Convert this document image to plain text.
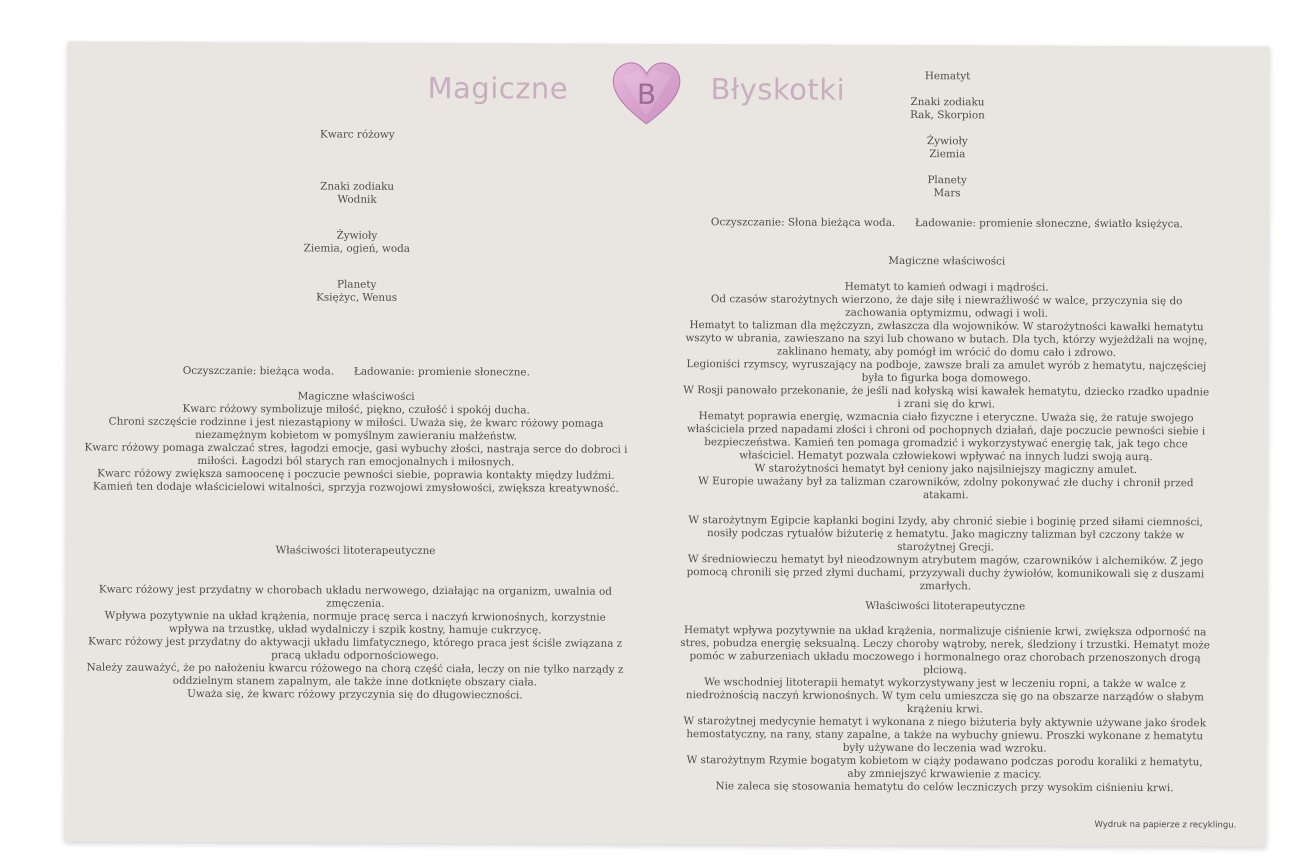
Magiczne B Błyskotki

Kwarc różowy

Znaki zodiaku

Wodnik

Żywioły

Ziemia, ogień, woda

Planety

Księżyc, Wenus

Oczyszczanie: bieżąca woda. Ładowanie: promienie słoneczne.

Magiczne właściwości

Kwarc różowy symbolizuje miłość, piękno, czułość i spokój ducha.

Chroni szczęście rodzinne i jest niezastąpiony w miłości. Uważa się, że kwarc różowy pomaga

niezamężnym kobietom w pomyślnym zawieraniu małżeństw.

Kwarc różowy pomaga zwalczać stres, łagodzi emocje, gasi wybuchy złości, nastraja serce do dobroci i

miłości. Łagodzi ból starych ran emocjonalnych i miłosnych.

Kwarc różowy zwiększa samoocenę i poczucie pewności siebie, poprawia kontakty między ludźmi.

Kamień ten dodaje właścicielowi witalności, sprzyja rozwojowi zmysłowości, zwiększa kreatywność.

Właściwości litoterapeutyczne

Kwarc różowy jest przydatny w chorobach układu nerwowego, działając na organizm, uwalnia od

zmęczenia.

Wpływa pozytywnie na układ krążenia, normuje pracę serca i naczyń krwionośnych, korzystnie

wpływa na trzustkę, układ wydalniczy i szpik kostny, hamuje cukrzycę.

Kwarc różowy jest przydatny do aktywacji układu limfatycznego, którego praca jest ściśle związana z

pracą układu odpornościowego.

Należy zauważyć, że po nałożeniu kwarcu różowego na chorą część ciała, leczy on nie tylko narządy z

oddzielnym stanem zapalnym, ale także inne dotknięte obszary ciała.

Uważa się, że kwarc różowy przyczynia się do długowieczności.

Hematyt

Znaki zodiaku

Rak, Skorpion

Żywioły

Ziemia

Planety

Mars

Oczyszczanie: Słona bieżąca woda. Ładowanie: promienie słoneczne, światło księżyca.

Magiczne właściwości

Hematyt to kamień odwagi i mądrości.

Od czasów starożytnych wierzono, że daje siłę i niewrażliwość w walce, przyczynia się do

zachowania optymizmu, odwagi i woli.

Hematyt to talizman dla mężczyzn, zwłaszcza dla wojowników. W starożytności kawałki hematytu

wszyto w ubrania, zawieszano na szyi lub chowano w butach. Dla tych, którzy wyjeżdżali na wojnę,

zaklinano hematy, aby pomógł im wrócić do domu cało i zdrowo.

Legioniści rzymscy, wyruszający na podboje, zawsze brali za amulet wyrób z hematytu, najczęściej

była to figurka boga domowego.

W Rosji panowało przekonanie, że jeśli nad kołyską wisi kawałek hematytu, dziecko rzadko upadnie

i zrani się do krwi.

Hematyt poprawia energię, wzmacnia ciało fizyczne i eteryczne. Uważa się, że ratuje swojego

właściciela przed napadami złości i chroni od pochopnych działań, daje poczucie pewności siebie i

bezpieczeństwa. Kamień ten pomaga gromadzić i wykorzystywać energię tak, jak tego chce

właściciel. Hematyt pozwala człowiekowi wpływać na innych ludzi swoją aurą.

W starożytności hematyt był ceniony jako najsilniejszy magiczny amulet.

W Europie uważany był za talizman czarowników, zdolny pokonywać złe duchy i chronił przed

atakami.

W starożytnym Egipcie kapłanki bogini Izydy, aby chronić siebie i boginię przed siłami ciemności,

nosiły podczas rytuałów biżuterię z hematytu. Jako magiczny talizman był czczony także w

starożytnej Grecji.

W średniowieczu hematyt był nieodzownym atrybutem magów, czarowników i alchemików. Z jego

pomocą chronili się przed złymi duchami, przyzywali duchy żywiołów, komunikowali się z duszami

zmarłych.

Właściwości litoterapeutyczne

Hematyt wpływa pozytywnie na układ krążenia, normalizuje ciśnienie krwi, zwiększa odporność na

stres, pobudza energię seksualną. Leczy choroby wątroby, nerek, śledziony i trzustki. Hematyt może

pomóc w zaburzeniach układu moczowego i hormonalnego oraz chorobach przenoszonych drogą

płciową.

We wschodniej litoterapii hematyt wykorzystywany jest w leczeniu ropni, a także w walce z

niedrożnością naczyń krwionośnych. W tym celu umieszcza się go na obszarze narządów o słabym

krążeniu krwi.

W starożytnej medycynie hematyt i wykonana z niego biżuteria były aktywnie używane jako środek

hemostatyczny, na rany, stany zapalne, a także na wybuchy gniewu. Proszki wykonane z hematytu

były używane do leczenia wad wzroku.

W starożytnym Rzymie bogatym kobietom w ciąży podawano podczas porodu koraliki z hematytu,

aby zmniejszyć krwawienie z macicy.

Nie zaleca się stosowania hematytu do celów leczniczych przy wysokim ciśnieniu krwi.

Wydruk na papierze z recyklingu.
